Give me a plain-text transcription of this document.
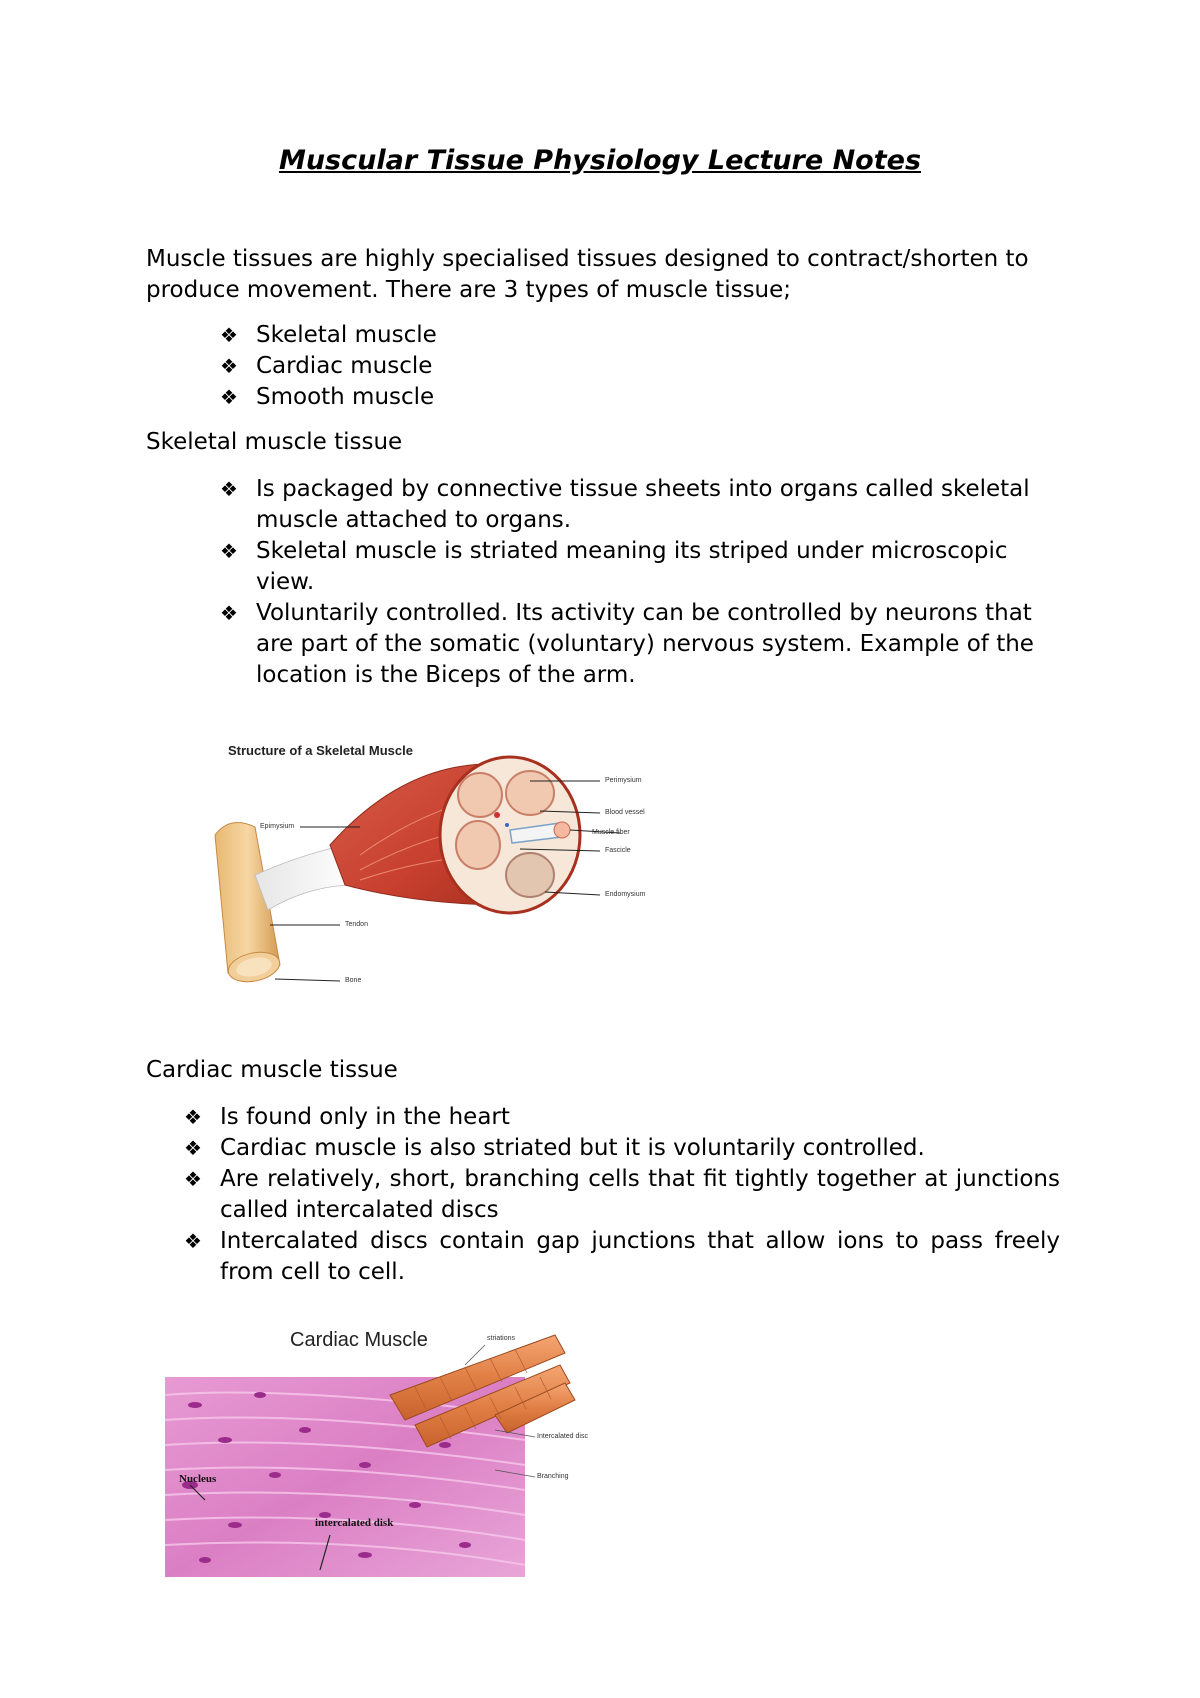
Muscular Tissue Physiology Lecture Notes

Muscle tissues are highly specialised tissues designed to contract/shorten to produce movement. There are 3 types of muscle tissue;

❖ Skeletal muscle
❖ Cardiac muscle
❖ Smooth muscle

Skeletal muscle tissue

❖ Is packaged by connective tissue sheets into organs called skeletal muscle attached to organs.
❖ Skeletal muscle is striated meaning its striped under microscopic view.
❖ Voluntarily controlled. Its activity can be controlled by neurons that are part of the somatic (voluntary) nervous system. Example of the location is the Biceps of the arm.
Structure of a Skeletal Muscle
Perimysium
Blood vessel
Muscle fiber
Fascicle
Endomysium
Epimysium
Tendon
Bone

Cardiac muscle tissue

❖ Is found only in the heart
❖ Cardiac muscle is also striated but it is voluntarily controlled.
❖ Are relatively, short, branching cells that fit tightly together at junctions called intercalated discs
❖ Intercalated discs contain gap junctions that allow ions to pass freely from cell to cell.
Cardiac Muscle	striations
Intercalated disc
Branching
Nucleus
intercalated disk
